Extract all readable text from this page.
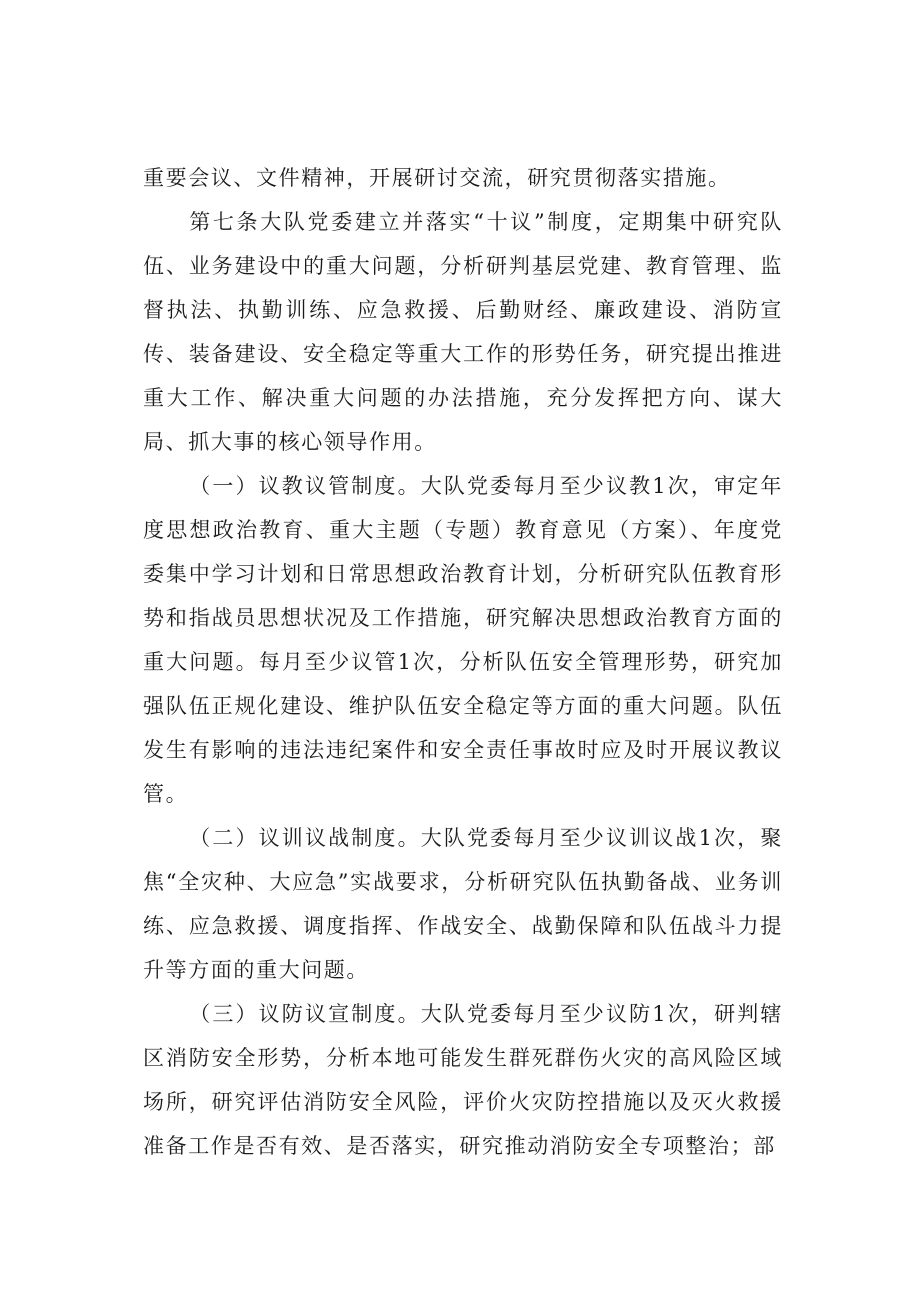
重要会议、文件精神，开展研讨交流，研究贯彻落实措施。

第七条大队党委建立并落实“十议”制度，定期集中研究队伍、业务建设中的重大问题，分析研判基层党建、教育管理、监督执法、执勤训练、应急救援、后勤财经、廉政建设、消防宣传、装备建设、安全稳定等重大工作的形势任务，研究提出推进重大工作、解决重大问题的办法措施，充分发挥把方向、谋大局、抓大事的核心领导作用。

（一）议教议管制度。大队党委每月至少议教1次，审定年度思想政治教育、重大主题（专题）教育意见（方案）、年度党委集中学习计划和日常思想政治教育计划，分析研究队伍教育形势和指战员思想状况及工作措施，研究解决思想政治教育方面的重大问题。每月至少议管1次，分析队伍安全管理形势，研究加强队伍正规化建设、维护队伍安全稳定等方面的重大问题。队伍发生有影响的违法违纪案件和安全责任事故时应及时开展议教议管。

（二）议训议战制度。大队党委每月至少议训议战1次，聚焦“全灾种、大应急”实战要求，分析研究队伍执勤备战、业务训练、应急救援、调度指挥、作战安全、战勤保障和队伍战斗力提升等方面的重大问题。

（三）议防议宣制度。大队党委每月至少议防1次，研判辖区消防安全形势，分析本地可能发生群死群伤火灾的高风险区域场所，研究评估消防安全风险，评价火灾防控措施以及灭火救援准备工作是否有效、是否落实，研究推动消防安全专项整治；部
